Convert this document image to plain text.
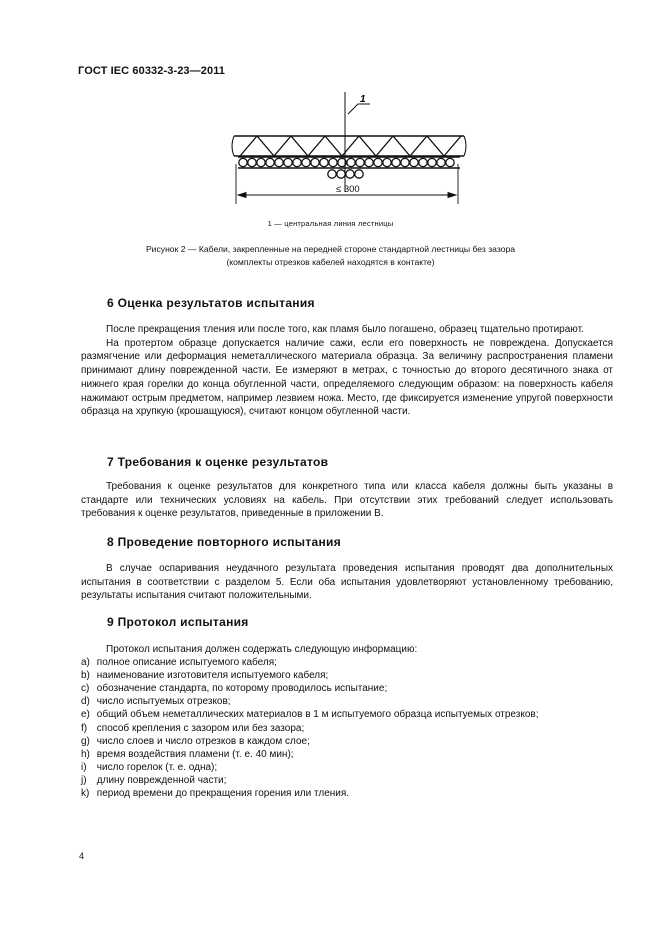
ГОСТ IEC 60332-3-23—2011
1
≤ 300
1 — центральная линия лестницы
Рисунок 2 — Кабели, закрепленные на передней стороне стандартной лестницы без зазора
(комплекты отрезков кабелей находятся в контакте)
6 Оценка результатов испытания

После прекращения тления или после того, как пламя было погашено, образец тщательно протирают.

На протертом образце допускается наличие сажи, если его поверхность не повреждена. Допускается размягчение или деформация неметаллического материала образца. За величину распространения пламени принимают длину поврежденной части. Ее измеряют в метрах, с точностью до второго десятичного знака от нижнего края горелки до конца обугленной части, определяемого следующим образом: на поверхность кабеля нажимают острым предметом, например лезвием ножа. Место, где фиксируется изменение упругой поверхности образца на хрупкую (крошащуюся), считают концом обугленной части.

7 Требования к оценке результатов

Требования к оценке результатов для конкретного типа или класса кабеля должны быть указаны в стандарте или технических условиях на кабель. При отсутствии этих требований следует использовать требования к оценке результатов, приведенные в приложении В.

8 Проведение повторного испытания

В случае оспаривания неудачного результата проведения испытания проводят два дополнительных испытания в соответствии с разделом 5. Если оба испытания удовлетворяют установленному требованию, результаты испытания считают положительными.

9 Протокол испытания
Протокол испытания должен содержать следующую информацию:
a) полное описание испытуемого кабеля;
b) наименование изготовителя испытуемого кабеля;
c) обозначение стандарта, по которому проводилось испытание;
d) число испытуемых отрезков;
e) общий объем неметаллических материалов в 1 м испытуемого образца испытуемых отрезков;
f) способ крепления с зазором или без зазора;
g) число слоев и число отрезков в каждом слое;
h) время воздействия пламени (т. е. 40 мин);
i) число горелок (т. е. одна);
j) длину поврежденной части;
k) период времени до прекращения горения или тления.
4
